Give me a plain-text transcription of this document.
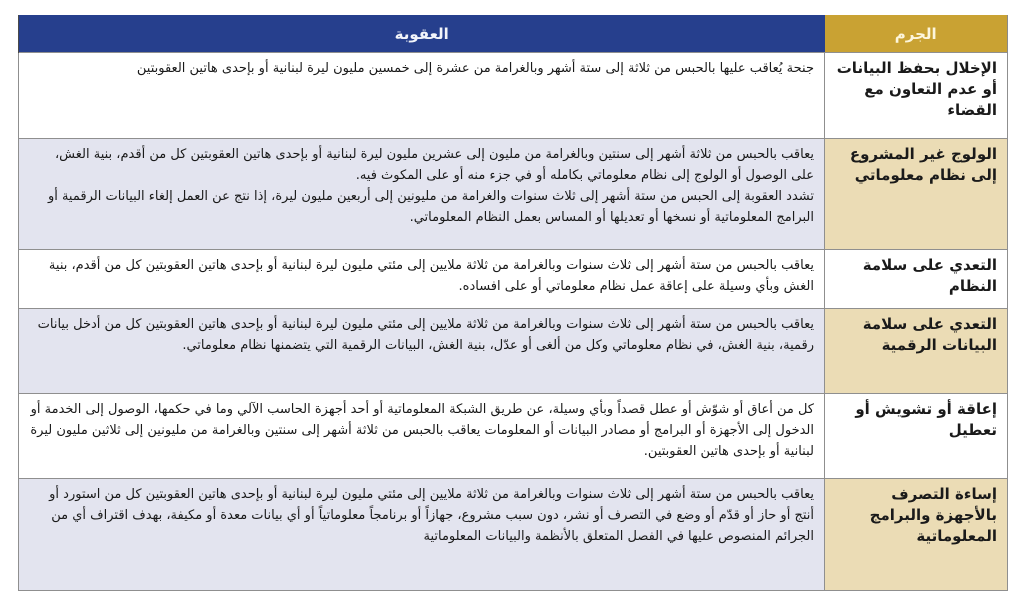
الجرم	العقوبة
الإخلال بحفظ البيانات أو عدم التعاون مع القضاء	جنحة يُعاقب عليها بالحبس من ثلاثة إلى ستة أشهر وبالغرامة من عشرة إلى خمسين مليون ليرة لبنانية أو بإحدى هاتين العقوبتين

الولوج غير المشروع إلى نظام معلوماتي	يعاقب بالحبس من ثلاثة أشهر إلى سنتين وبالغرامة من مليون إلى عشرين مليون ليرة لبنانية أو بإحدى هاتين العقوبتين كل من أقدم، بنية الغش، على الوصول أو الولوج إلى نظام معلوماتي بكامله أو في جزء منه أو على المكوث فيه.
تشدد العقوبة إلى الحبس من ستة أشهر إلى ثلاث سنوات والغرامة من مليونين إلى أربعين مليون ليرة، إذا نتج عن العمل إلغاء البيانات الرقمية أو البرامج المعلوماتية أو نسخها أو تعديلها أو المساس بعمل النظام المعلوماتي.

التعدي على سلامة النظام	يعاقب بالحبس من ستة أشهر إلى ثلاث سنوات وبالغرامة من ثلاثة ملايين إلى مئتي مليون ليرة لبنانية أو بإحدى هاتين العقوبتين كل من أقدم، بنية الغش وبأي وسيلة على إعاقة عمل نظام معلوماتي أو على افساده.

التعدي على سلامة البيانات الرقمية	يعاقب بالحبس من ستة أشهر إلى ثلاث سنوات وبالغرامة من ثلاثة ملايين إلى مئتي مليون ليرة لبنانية أو بإحدى هاتين العقوبتين كل من أدخل بيانات رقمية، بنية الغش، في نظام معلوماتي وكل من ألغى أو عدّل، بنية الغش، البيانات الرقمية التي يتضمنها نظام معلوماتي.

إعاقة أو تشويش أو تعطيل	كل من أعاق أو شوّش أو عطل قصداً وبأي وسيلة، عن طريق الشبكة المعلوماتية أو أحد أجهزة الحاسب الآلي وما في حكمها، الوصول إلى الخدمة أو الدخول إلى الأجهزة أو البرامج أو مصادر البيانات أو المعلومات يعاقب بالحبس من ثلاثة أشهر إلى سنتين وبالغرامة من مليونين إلى ثلاثين مليون ليرة لبنانية أو بإحدى هاتين العقوبتين.

إساءة التصرف بالأجهزة والبرامج المعلوماتية	يعاقب بالحبس من ستة أشهر إلى ثلاث سنوات وبالغرامة من ثلاثة ملايين إلى مئتي مليون ليرة لبنانية أو بإحدى هاتين العقوبتين كل من استورد أو أنتج أو حاز أو قدّم أو وضع في التصرف أو نشر، دون سبب مشروع، جهازاً أو برنامجاً معلوماتياً أو أي بيانات معدة أو مكيفة، بهدف اقتراف أي من الجرائم المنصوص عليها في الفصل المتعلق بالأنظمة والبيانات المعلوماتية
